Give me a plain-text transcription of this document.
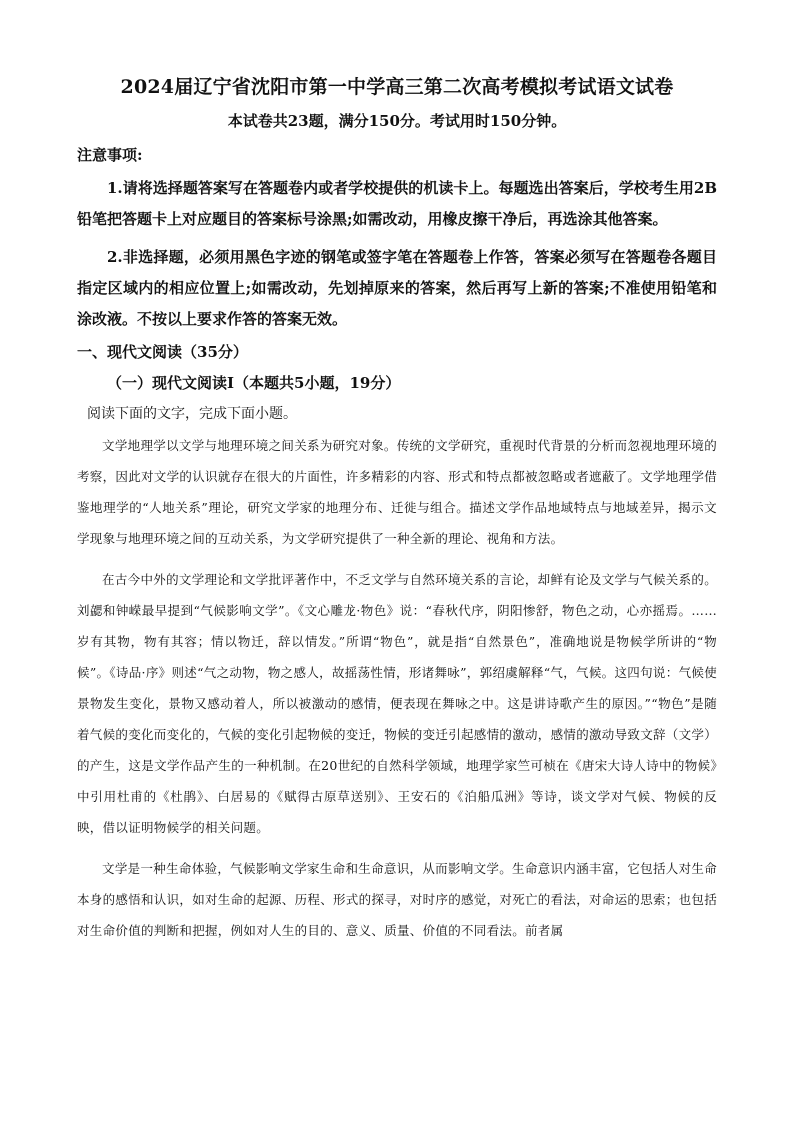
2024届辽宁省沈阳市第一中学高三第二次高考模拟考试语文试卷

本试卷共23题，满分150分。考试用时150分钟。

注意事项:

1.请将选择题答案写在答题卷内或者学校提供的机读卡上。每题选出答案后，学校考生用2B铅笔把答题卡上对应题目的答案标号涂黑;如需改动，用橡皮擦干净后，再选涂其他答案。

2.非选择题，必须用黑色字迹的钢笔或签字笔在答题卷上作答，答案必须写在答题卷各题目指定区域内的相应位置上;如需改动，先划掉原来的答案，然后再写上新的答案;不准使用铅笔和涂改液。不按以上要求作答的答案无效。

一、现代文阅读（35分）

（一）现代文阅读Ⅰ（本题共5小题，19分）

阅读下面的文字，完成下面小题。

文学地理学以文学与地理环境之间关系为研究对象。传统的文学研究，重视时代背景的分析而忽视地理环境的考察，因此对文学的认识就存在很大的片面性，许多精彩的内容、形式和特点都被忽略或者遮蔽了。文学地理学借鉴地理学的“人地关系”理论，研究文学家的地理分布、迁徙与组合。描述文学作品地域特点与地域差异，揭示文学现象与地理环境之间的互动关系，为文学研究提供了一种全新的理论、视角和方法。

在古今中外的文学理论和文学批评著作中，不乏文学与自然环境关系的言论，却鲜有论及文学与气候关系的。刘勰和钟嵘最早提到“气候影响文学”。《文心雕龙·物色》说：“春秋代序，阴阳惨舒，物色之动，心亦摇焉。……岁有其物，物有其容；情以物迁，辞以情发。”所谓“物色”，就是指“自然景色”，准确地说是物候学所讲的“物候”。《诗品·序》则述“气之动物，物之感人，故摇荡性情，形诸舞咏”，郭绍虞解释“气，气候。这四句说：气候使景物发生变化，景物又感动着人，所以被激动的感情，便表现在舞咏之中。这是讲诗歌产生的原因。”“物色”是随着气候的变化而变化的，气候的变化引起物候的变迁，物候的变迁引起感情的激动，感情的激动导致文辞（文学）的产生，这是文学作品产生的一种机制。在20世纪的自然科学领域，地理学家竺可桢在《唐宋大诗人诗中的物候》中引用杜甫的《杜鹃》、白居易的《赋得古原草送别》、王安石的《泊船瓜洲》等诗，谈文学对气候、物候的反映，借以证明物候学的相关问题。

文学是一种生命体验，气候影响文学家生命和生命意识，从而影响文学。生命意识内涵丰富，它包括人对生命本身的感悟和认识，如对生命的起源、历程、形式的探寻，对时序的感觉，对死亡的看法，对命运的思索；也包括对生命价值的判断和把握，例如对人生的目的、意义、质量、价值的不同看法。前者属
